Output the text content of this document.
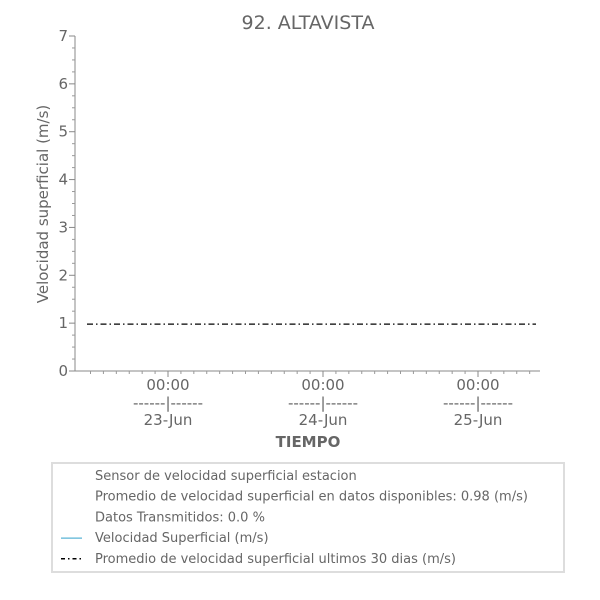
92. ALTAVISTA
0
1
2
3
4
5
6
7
00:00
------|------
23-Jun
00:00
------|------
24-Jun
00:00
------|------
25-Jun
Velocidad superficial (m/s)
TIEMPO
Sensor de velocidad superficial estacion
Promedio de velocidad superficial en datos disponibles: 0.98 (m/s)
Datos Transmitidos: 0.0 %
Velocidad Superficial (m/s)
Promedio de velocidad superficial ultimos 30 dias (m/s)
